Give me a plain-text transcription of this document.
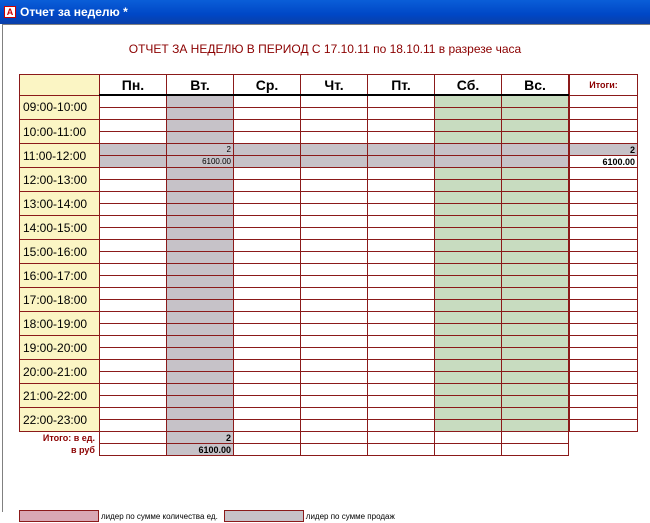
A Отчет за неделю *
ОТЧЕТ ЗА НЕДЕЛЮ В ПЕРИОД С 17.10.11 по 18.10.11 в разрезе часа
	Пн.	Вт.	Ср.	Чт.	Пт.	Сб.	Вс.		Итоги:
09:00-10:00									

10:00-11:00									

11:00-12:00		2							2
		6100.00							6100.00
12:00-13:00									

13:00-14:00									

14:00-15:00									

15:00-16:00									

16:00-17:00									

17:00-18:00									

18:00-19:00									

19:00-20:00									

20:00-21:00									

21:00-22:00									

22:00-23:00									

Итого: в ед.		2							
в руб		6100.00							
лидер по сумме количества ед.	лидер по сумме продаж
